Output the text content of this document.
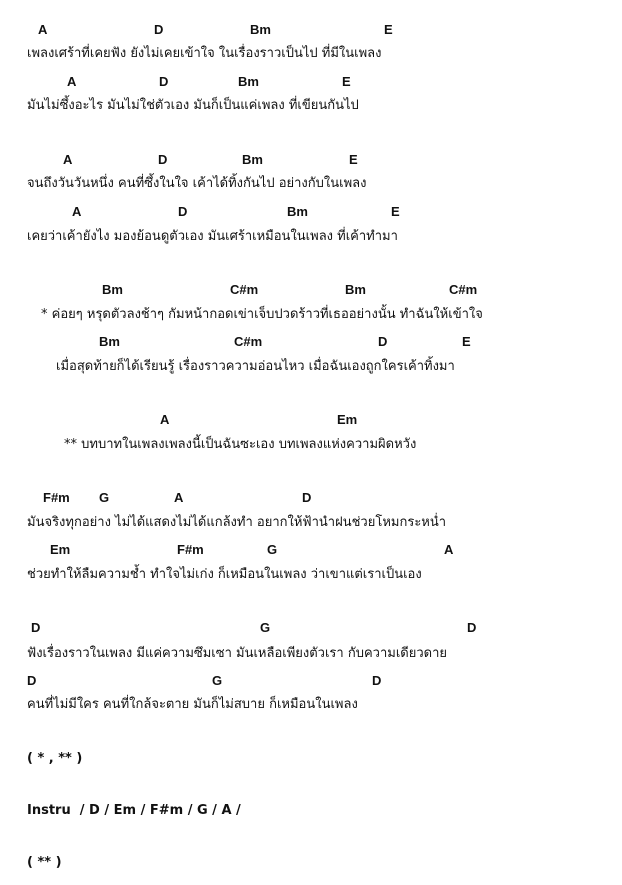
A	D	Bm	E
เพลงเศร้าที่เคยฟัง ยังไม่เคยเข้าใจ ในเรื่องราวเป็นไป ที่มีในเพลง
A	D	Bm	E
มันไม่ซึ้งอะไร มันไม่ใช่ตัวเอง มันก็เป็นแค่เพลง ที่เขียนกันไป
A	D	Bm	E
จนถึงวันวันหนึ่ง คนที่ซึ้งในใจ เค้าได้ทิ้งกันไป อย่างกับในเพลง
A	D	Bm	E
เคยว่าเค้ายังไง มองย้อนดูตัวเอง มันเศร้าเหมือนในเพลง ที่เค้าทำมา
Bm	C#m	Bm	C#m
* ค่อยๆ หรุดตัวลงช้าๆ กัมหน้ากอดเข่าเจ็บปวดร้าวที่เธออย่างนั้น ทำฉันให้เข้าใจ
Bm	C#m	D	E
เมื่อสุดท้ายก็ได้เรียนรู้ เรื่องราวความอ่อนไหว เมื่อฉันเองถูกใครเค้าทิ้งมา
A	Em
** บทบาทในเพลงเพลงนี้เป็นฉันซะเอง บทเพลงแห่งความผิดหวัง
F#m G	A	D
มันจริงทุกอย่าง ไม่ได้แสดงไม่ได้แกล้งทำ อยากให้ฟ้านำฝนช่วยโหมกระหน่ำ
Em	F#m	G	A
ช่วยทำให้ลืมความช้ำ ทำใจไม่เก่ง ก็เหมือนในเพลง ว่าเขาแต่เราเป็นเอง
D	G	D
ฟังเรื่องราวในเพลง มีแค่ความซึมเซา มันเหลือเพียงตัวเรา กับความเดียวดาย
D	G	D
คนที่ไม่มีใคร คนที่ใกล้จะตาย มันก็ไม่สบาย ก็เหมือนในเพลง
( * , ** )
Instru  / D / Em / F#m / G / A /
( ** )
